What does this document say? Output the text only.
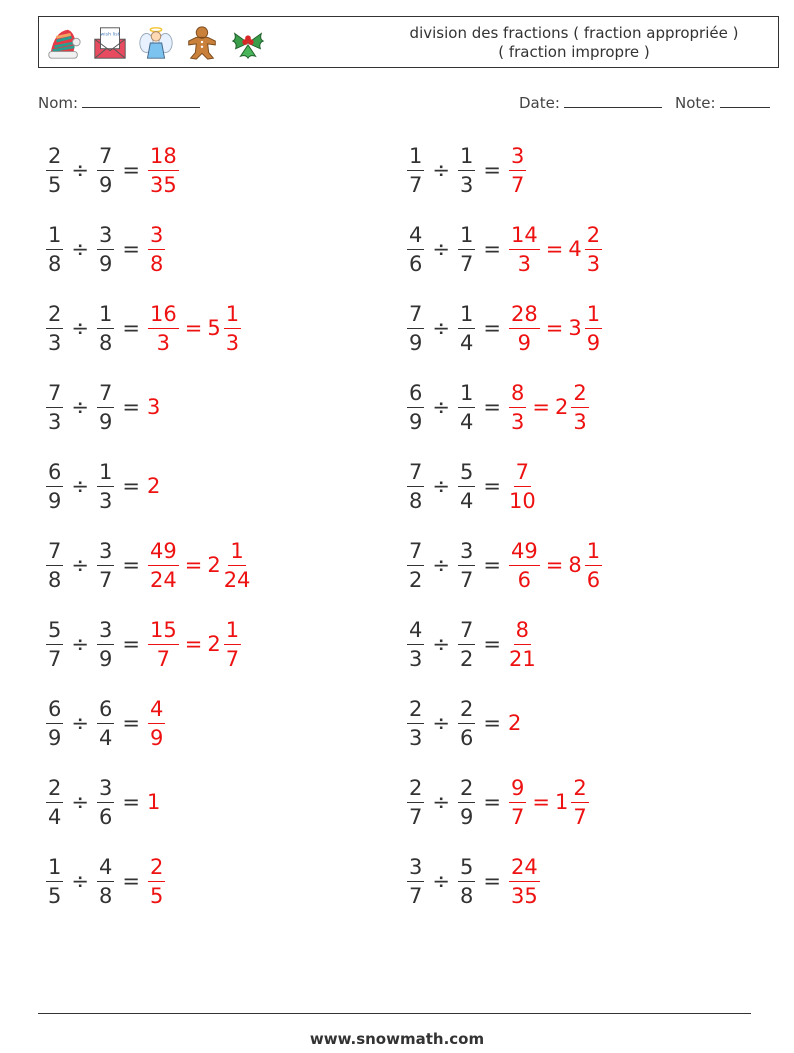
wish list	division des fractions ( fraction appropriée )
( fraction impropre )
Nom:	Date:	Note:
$\frac{2}{5} \div \frac{7}{9} = \frac{18}{35}$
$\frac{1}{8} \div \frac{3}{9} = \frac{3}{8}$
$\frac{2}{3} \div \frac{1}{8} = \frac{16}{3} = 5 \frac{1}{3}$
$\frac{7}{3} \div \frac{7}{9} = 3$
$\frac{6}{9} \div \frac{1}{3} = 2$
$\frac{7}{8} \div \frac{3}{7} = \frac{49}{24} = 2 \frac{1}{24}$
$\frac{5}{7} \div \frac{3}{9} = \frac{15}{7} = 2 \frac{1}{7}$
$\frac{6}{9} \div \frac{6}{4} = \frac{4}{9}$
$\frac{2}{4} \div \frac{3}{6} = 1$
$\frac{1}{5} \div \frac{4}{8} = \frac{2}{5}$
$\frac{1}{7} \div \frac{1}{3} = \frac{3}{7}$
$\frac{4}{6} \div \frac{1}{7} = \frac{14}{3} = 4 \frac{2}{3}$
$\frac{7}{9} \div \frac{1}{4} = \frac{28}{9} = 3 \frac{1}{9}$
$\frac{6}{9} \div \frac{1}{4} = \frac{8}{3} = 2 \frac{2}{3}$
$\frac{7}{8} \div \frac{5}{4} = \frac{7}{10}$
$\frac{7}{2} \div \frac{3}{7} = \frac{49}{6} = 8 \frac{1}{6}$
$\frac{4}{3} \div \frac{7}{2} = \frac{8}{21}$
$\frac{2}{3} \div \frac{2}{6} = 2$
$\frac{2}{7} \div \frac{2}{9} = \frac{9}{7} = 1 \frac{2}{7}$
$\frac{3}{7} \div \frac{5}{8} = \frac{24}{35}$
www.snowmath.com
